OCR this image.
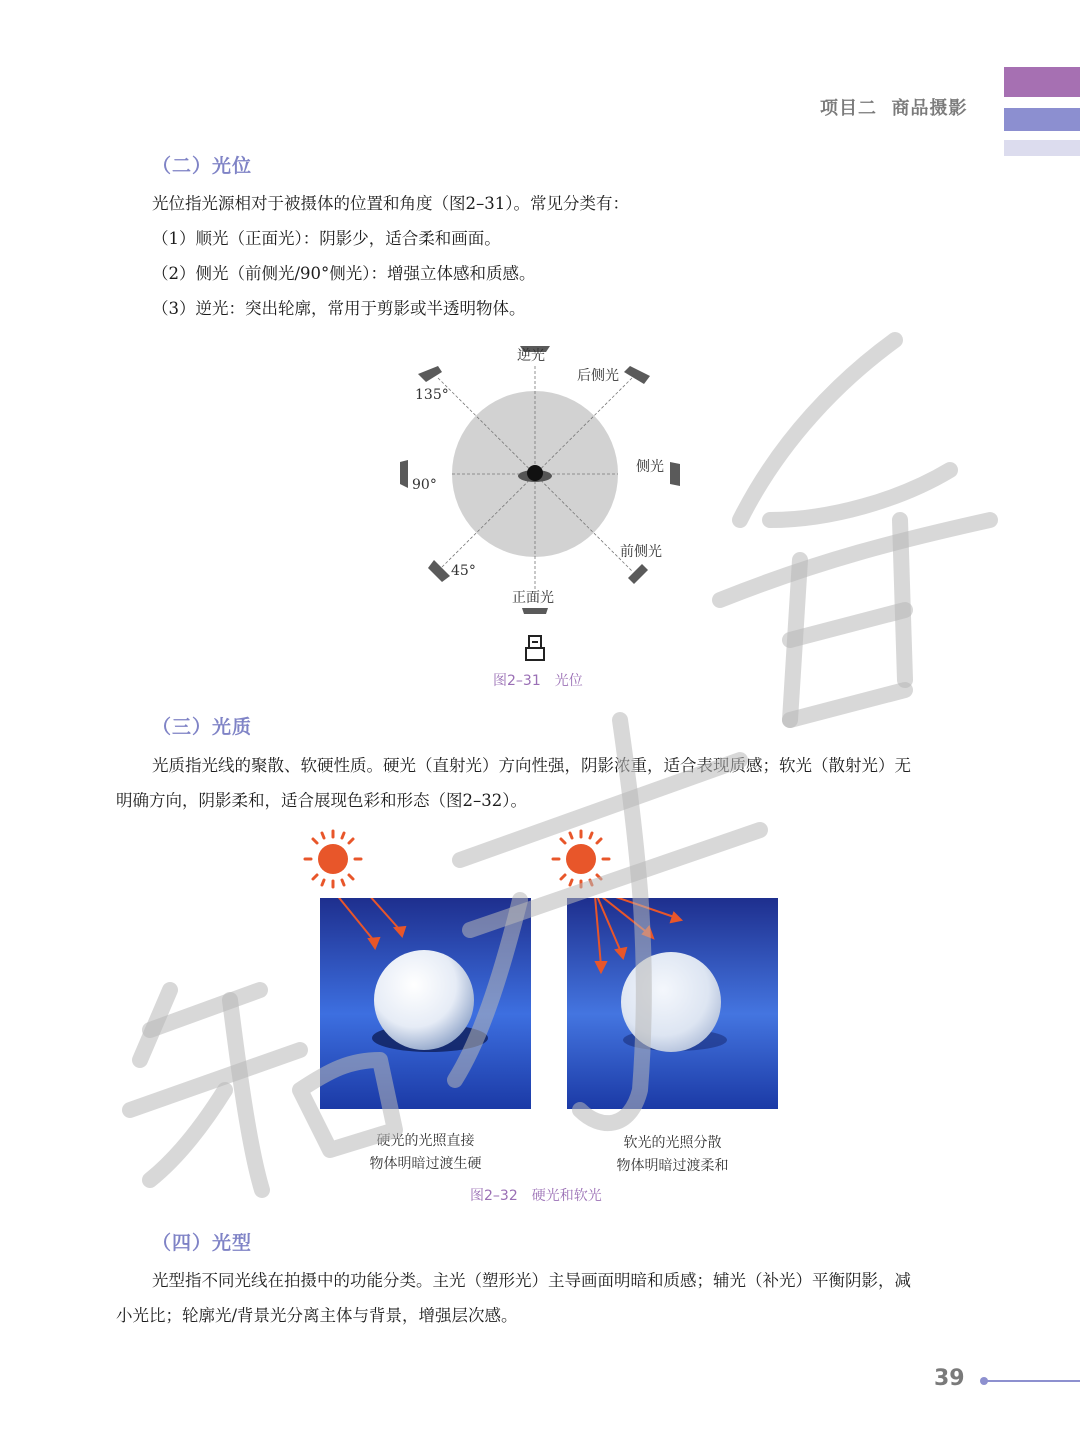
项目二  商品摄影
（二）光位
光位指光源相对于被摄体的位置和角度（图2–31）。常见分类有：
（1）顺光（正面光）：阴影少，适合柔和画面。
（2）侧光（前侧光/90°侧光）：增强立体感和质感。
（3）逆光：突出轮廓，常用于剪影或半透明物体。
逆光
后侧光
135°
侧光
90°
前侧光
45°
正面光
图2–31　光位
（三）光质
光质指光线的聚散、软硬性质。硬光（直射光）方向性强，阴影浓重，适合表现质感；软光（散射光）无
明确方向，阴影柔和，适合展现色彩和形态（图2–32）。
硬光的光照直接
物体明暗过渡生硬
软光的光照分散
物体明暗过渡柔和
图2–32　硬光和软光
（四）光型
光型指不同光线在拍摄中的功能分类。主光（塑形光）主导画面明暗和质感；辅光（补光）平衡阴影，减
小光比；轮廓光/背景光分离主体与背景，增强层次感。
39
